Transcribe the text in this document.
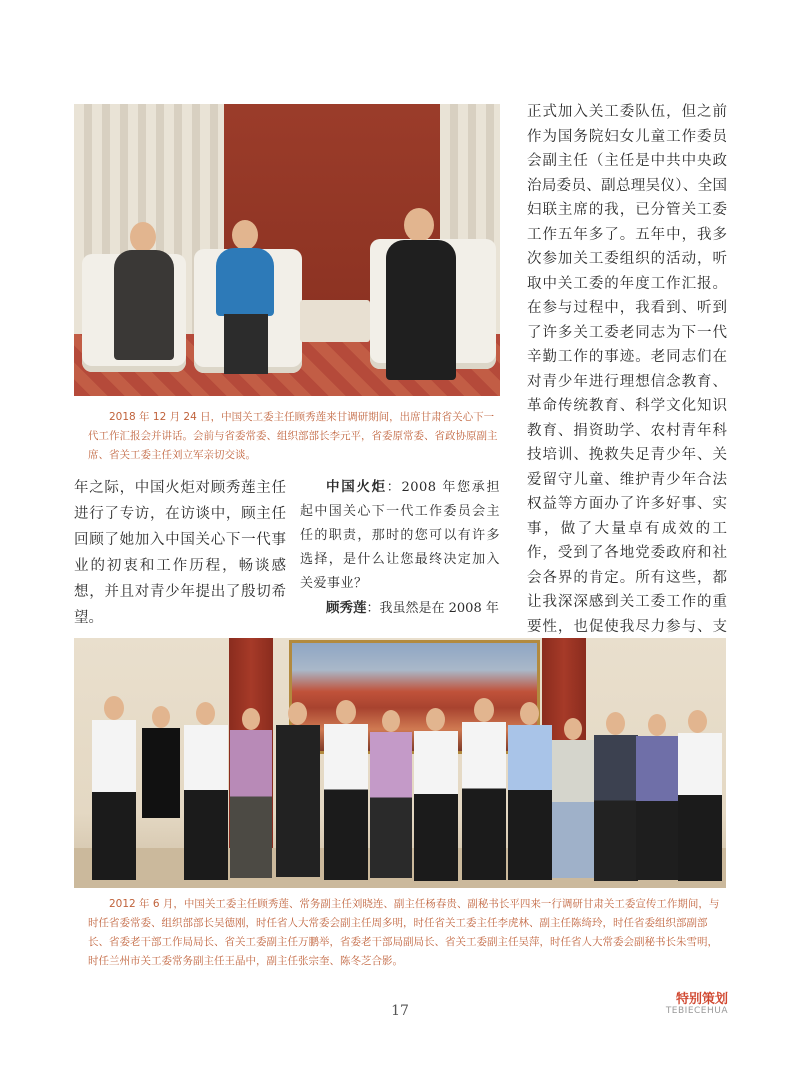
2018 年 12 月 24 日，中国关工委主任顾秀莲来甘调研期间，出席甘肃省关心下一代工作汇报会并讲话。会前与省委常委、组织部部长李元平，省委原常委、省政协原副主席、省关工委主任刘立军亲切交谈。

年之际，中国火炬对顾秀莲主任进行了专访，在访谈中，顾主任回顾了她加入中国关心下一代事业的初衷和工作历程，畅谈感想，并且对青少年提出了殷切希望。

中国火炬：2008 年您承担起中国关心下一代工作委员会主任的职责，那时的您可以有许多选择，是什么让您最终决定加入关爱事业？

顾秀莲：我虽然是在 2008 年

正式加入关工委队伍，但之前作为国务院妇女儿童工作委员会副主任（主任是中共中央政治局委员、副总理吴仪）、全国妇联主席的我，已分管关工委工作五年多了。五年中，我多次参加关工委组织的活动，听取中关工委的年度工作汇报。在参与过程中，我看到、听到了许多关工委老同志为下一代辛勤工作的事迹。老同志们在对青少年进行理想信念教育、革命传统教育、科学文化知识教育、捐资助学、农村青年科技培训、挽救失足青少年、关爱留守儿童、维护青少年合法权益等方面办了许多好事、实事，做了大量卓有成效的工作，受到了各地党委政府和社会各界的肯定。所有这些，都让我深深感到关工委工作的重要性，也促使我尽力参与、支

2012 年 6 月，中国关工委主任顾秀莲、常务副主任刘晓连、副主任杨春贵、副秘书长平四来一行调研甘肃关工委宣传工作期间，与时任省委常委、组织部部长吴德刚，时任省人大常委会副主任周多明，时任省关工委主任李虎林、副主任陈绮玲，时任省委组织部副部长、省委老干部工作局局长、省关工委副主任万鹏举，省委老干部局副局长、省关工委副主任吴萍，时任省人大常委会副秘书长朱雪明，时任兰州市关工委常务副主任王晶中，副主任张宗奎、陈冬芝合影。

17
特别策划
TEBIECEHUA
